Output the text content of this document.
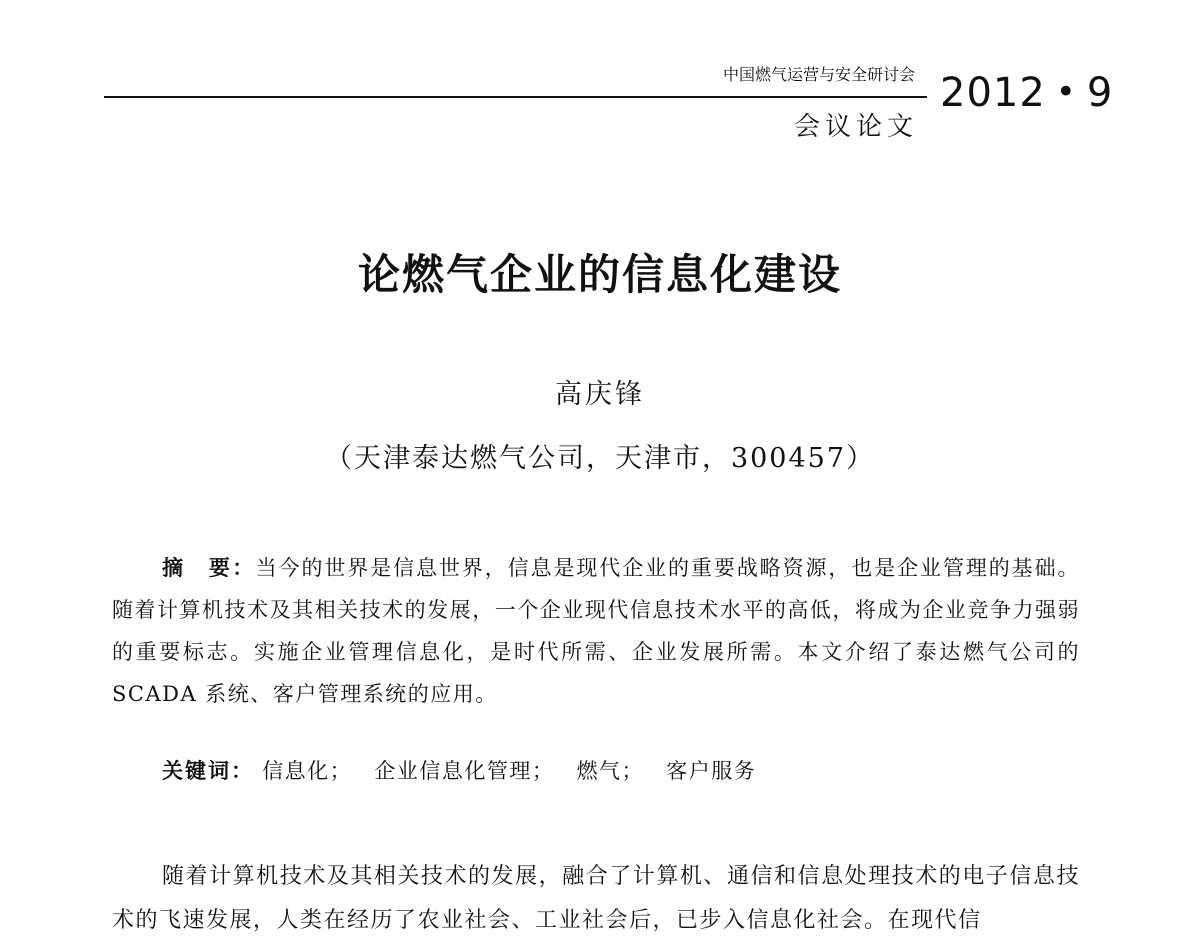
中国燃气运营与安全研讨会
会议论文
2012 • 9
论燃气企业的信息化建设
高庆锋
（天津泰达燃气公司，天津市，300457）

摘　要：当今的世界是信息世界，信息是现代企业的重要战略资源，也是企业管理的基础。随着计算机技术及其相关技术的发展，一个企业现代信息技术水平的高低，将成为企业竞争力强弱的重要标志。实施企业管理信息化，是时代所需、企业发展所需。本文介绍了泰达燃气公司的 SCADA 系统、客户管理系统的应用。

关键词： 信息化； 企业信息化管理； 燃气； 客户服务

随着计算机技术及其相关技术的发展，融合了计算机、通信和信息处理技术的电子信息技术的飞速发展，人类在经历了农业社会、工业社会后，已步入信息化社会。在现代信
